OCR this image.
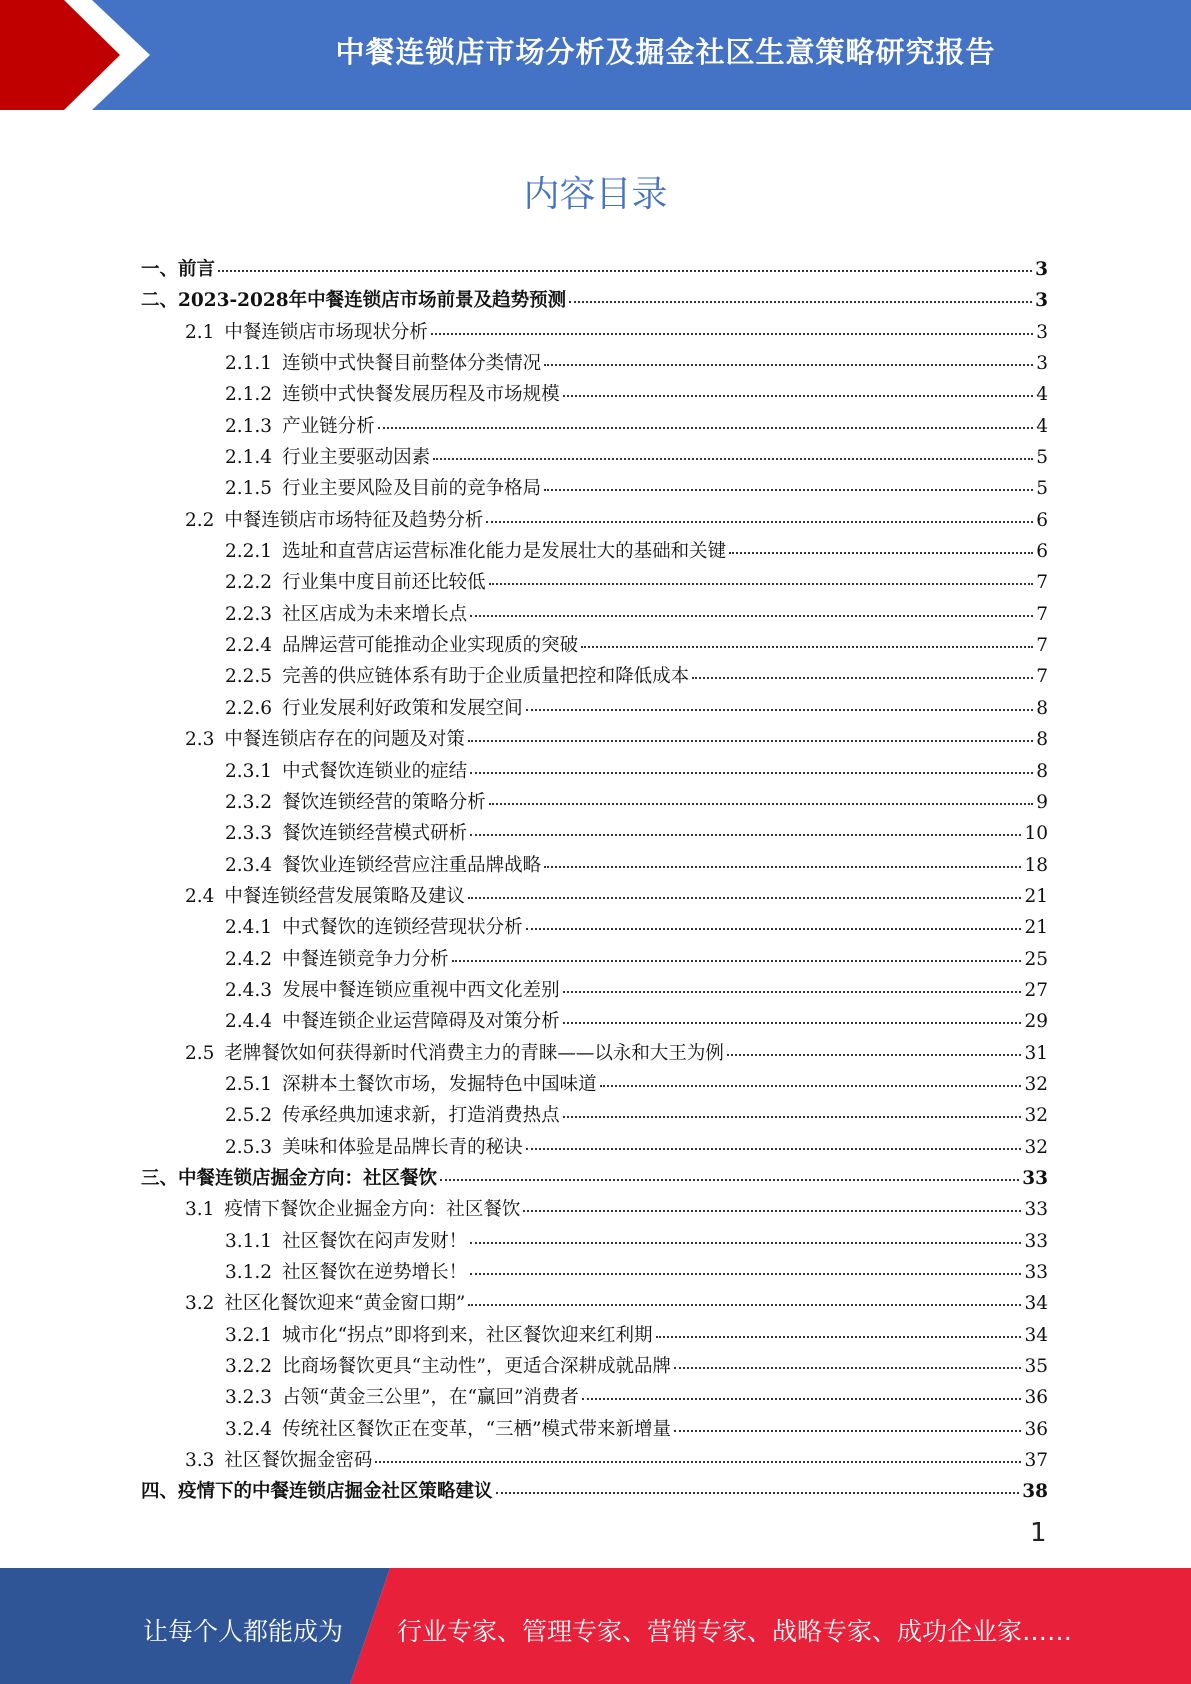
中餐连锁店市场分析及掘金社区生意策略研究报告
内容目录
一、前言	3
二、2023-2028年中餐连锁店市场前景及趋势预测	3
2.1 中餐连锁店市场现状分析	3
2.1.1 连锁中式快餐目前整体分类情况	3
2.1.2 连锁中式快餐发展历程及市场规模	4
2.1.3 产业链分析	4
2.1.4 行业主要驱动因素	5
2.1.5 行业主要风险及目前的竞争格局	5
2.2 中餐连锁店市场特征及趋势分析	6
2.2.1 选址和直营店运营标准化能力是发展壮大的基础和关键	6
2.2.2 行业集中度目前还比较低	7
2.2.3 社区店成为未来增长点	7
2.2.4 品牌运营可能推动企业实现质的突破	7
2.2.5 完善的供应链体系有助于企业质量把控和降低成本	7
2.2.6 行业发展利好政策和发展空间	8
2.3 中餐连锁店存在的问题及对策	8
2.3.1 中式餐饮连锁业的症结	8
2.3.2 餐饮连锁经营的策略分析	9
2.3.3 餐饮连锁经营模式研析	10
2.3.4 餐饮业连锁经营应注重品牌战略	18
2.4 中餐连锁经营发展策略及建议	21
2.4.1 中式餐饮的连锁经营现状分析	21
2.4.2 中餐连锁竞争力分析	25
2.4.3 发展中餐连锁应重视中西文化差别	27
2.4.4 中餐连锁企业运营障碍及对策分析	29
2.5 老牌餐饮如何获得新时代消费主力的青睐——以永和大王为例	31
2.5.1 深耕本土餐饮市场，发掘特色中国味道	32
2.5.2 传承经典加速求新，打造消费热点	32
2.5.3 美味和体验是品牌长青的秘诀	32
三、中餐连锁店掘金方向：社区餐饮	33
3.1 疫情下餐饮企业掘金方向：社区餐饮	33
3.1.1 社区餐饮在闷声发财！	33
3.1.2 社区餐饮在逆势增长！	33
3.2 社区化餐饮迎来“黄金窗口期”	34
3.2.1 城市化“拐点”即将到来，社区餐饮迎来红利期	34
3.2.2 比商场餐饮更具“主动性”，更适合深耕成就品牌	35
3.2.3 占领“黄金三公里”，在“赢回”消费者	36
3.2.4 传统社区餐饮正在变革，“三栖”模式带来新增量	36
3.3 社区餐饮掘金密码	37
四、疫情下的中餐连锁店掘金社区策略建议	38
1
让每个人都能成为 行业专家、管理专家、营销专家、战略专家、成功企业家……
